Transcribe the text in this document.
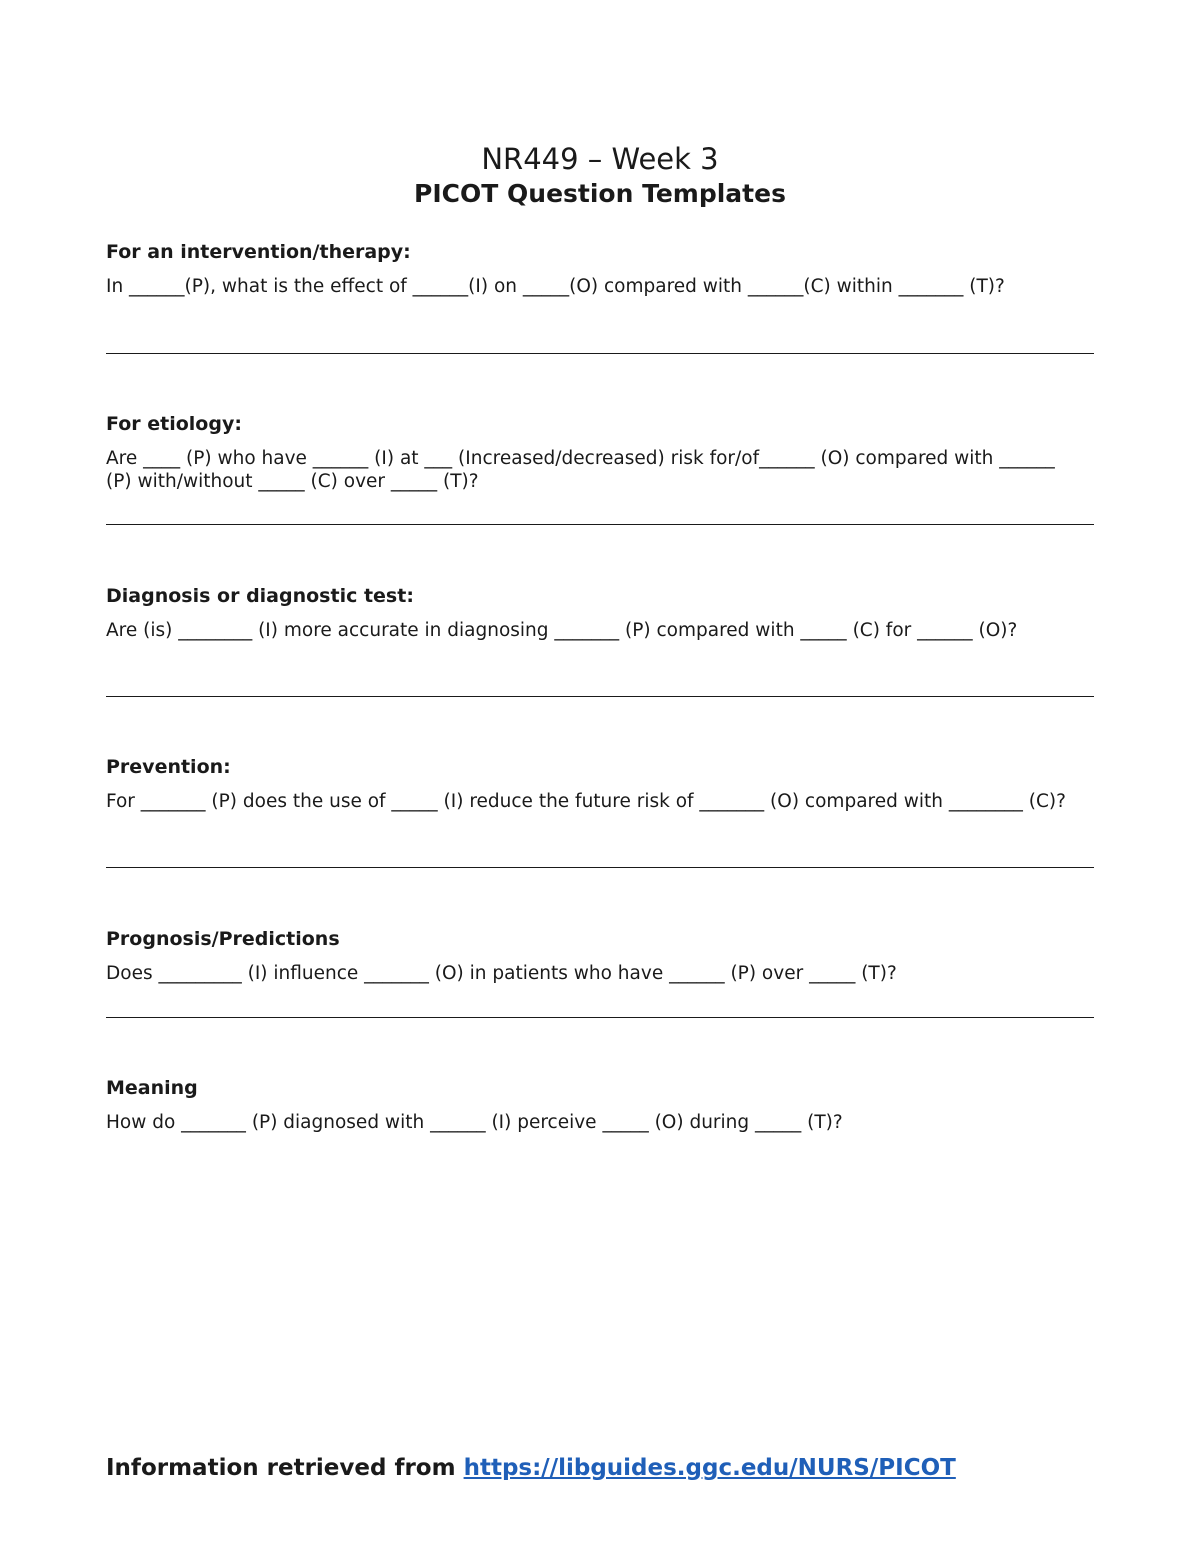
NR449 – Week 3
PICOT Question Templates
For an intervention/therapy:

In ______(P), what is the effect of ______(I) on _____(O) compared with ______(C) within _______ (T)?

For etiology:

Are ____ (P) who have ______ (I) at ___ (Increased/decreased) risk for/of______ (O) compared with ______ (P) with/without _____ (C) over _____ (T)?

Diagnosis or diagnostic test:

Are (is) ________ (I) more accurate in diagnosing _______ (P) compared with _____ (C) for ______ (O)?

Prevention:

For _______ (P) does the use of _____ (I) reduce the future risk of _______ (O) compared with ________ (C)?

Prognosis/Predictions

Does _________ (I) influence _______ (O) in patients who have ______ (P) over _____ (T)?

Meaning

How do _______ (P) diagnosed with ______ (I) perceive _____ (O) during _____ (T)?

Information retrieved from https://libguides.ggc.edu/NURS/PICOT
